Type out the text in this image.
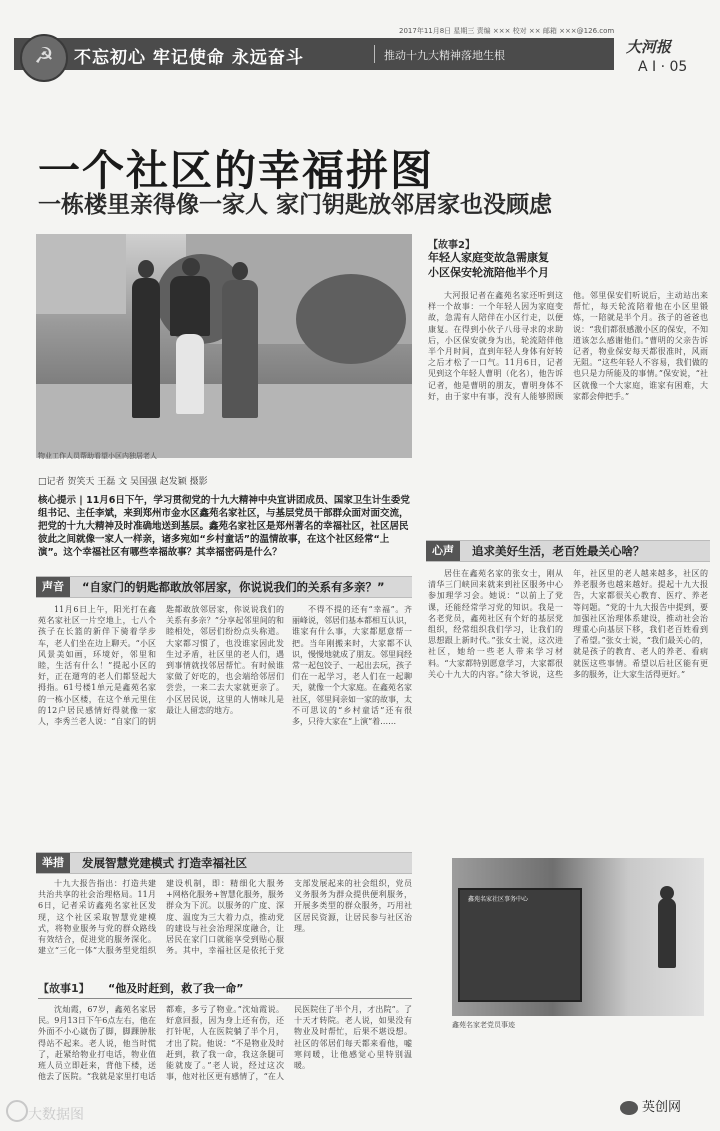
2017年11月8日 星期三 责编 ××× 校对 ×× 邮箱 ×××@126.com
☭	不忘初心 牢记使命 永远奋斗	推动十九大精神落地生根	大河报
A I · 05
一个社区的幸福拼图
一栋楼里亲得像一家人 家门钥匙放邻居家也没顾虑
物业工作人员帮助看望小区内独居老人
□记者 贺笑天 王磊 文 吴国强 赵发颖 摄影
核心提示 | 11月6日下午，学习贯彻党的十九大精神中央宣讲团成员、国家卫生计生委党组书记、主任李斌，来到郑州市金水区鑫苑名家社区，与基层党员干部群众面对面交流，把党的十九大精神及时准确地送到基层。鑫苑名家社区是郑州著名的幸福社区，社区居民彼此之间就像一家人一样亲，诸多宛如“乡村童话”的温情故事，在这个社区经常“上演”。这个幸福社区有哪些幸福故事？其幸福密码是什么？
声音	“自家门的钥匙都敢放邻居家，你说说我们的关系有多亲？”

11月6日上午，阳光打在鑫苑名家社区一片空地上，七八个孩子在长篮的新伴下骑着学步车，老人们坐在边上聊天。“小区风景美如画，环境好，邻里和睦，生活有什么！”提起小区的好，正在遛弯的老人们都竖起大拇指。61号楼1单元是鑫苑名家的一栋小区楼，在这个单元里住的12户居民感情好得就像一家人，李秀兰老人说：“自家门的钥匙都敢放邻居家，你说说我们的关系有多亲？”分享起邻里间的和睦相处，邻居们纷纷点头称道。大家都习惯了，也没谁家因此发生过矛盾，社区里的老人们，遇到事情就找邻居帮忙。有时候谁家做了好吃的，也会端给邻居们尝尝，一来二去大家就更亲了。小区居民说，这里的人情味儿是最让人留恋的地方。

不得不提的还有“幸福”。齐丽峰说，邻居们基本都相互认识，谁家有什么事，大家都愿意帮一把。当年刚搬来时，大家都不认识，慢慢地就成了朋友。邻里间经常一起包饺子、一起出去玩，孩子们在一起学习，老人们在一起聊天，就像一个大家庭。在鑫苑名家社区，邻里间亲如一家的故事，太不可思议的“乡村童话”还有很多，只待大家在“上演”着……

举措	发展智慧党建模式 打造幸福社区

十九大报告指出：打造共建共治共享的社会治理格局。11月6日，记者采访鑫苑名家社区发现，这个社区采取智慧党建模式，将物业服务与党的群众路线有效结合，促进党的服务深化。建立“三化一体”大服务型党组织建设机制，即：精细化大服务+网格化服务+智慧化服务，服务群众为下沉。以服务的广度、深度、温度为三大着力点，推动党的建设与社会治理深度融合，让居民在家门口就能享受到贴心服务。其中，幸福社区是依托于党支部发展起来的社会组织，党员义务服务为群众提供便利服务，开展多类型的群众服务，巧用社区居民资源，让居民参与社区治理。

【故事1】 “他及时赶到，救了我一命”

沈灿霞，67岁，鑫苑名家居民。9月13日下午6点左右，他在外面不小心崴伤了脚，脚踝肿胀得站不起来。老人说，他当时慌了，赶紧给物业打电话，物业值班人员立即赶来，背他下楼，送他去了医院。“我就是家里打电话都难，多亏了物业。”沈灿霞说。好意回报，因为身上还有伤，还打针呢，人在医院躺了半个月，才出了院。他说：“不是物业及时赶到，救了我一命，我这条腿可能就废了。”老人说，经过这次事，他对社区更有感情了，“在人民医院住了半个月，才出院”。了十天才转院。老人说，如果没有物业及时帮忙，后果不堪设想。社区的邻居们每天都来看他，嘘寒问暖，让他感觉心里特别温暖。

【故事2】
年轻人家庭变故急需康复
小区保安轮流陪他半个月

大河报记者在鑫苑名家还听到这样一个故事：一个年轻人因为家庭变故，急需有人陪伴在小区行走，以便康复。在得到小伙子八母寻求的求助后，小区保安就身为出，轮流陪伴他半个月时间，直到年轻人身体有好转之后才松了一口气。11月6日，记者见到这个年轻人曹明（化名），他告诉记者，他是曹明的朋友，曹明身体不好，由于家中有事，没有人能够照顾他。邻里保安们听说后，主动站出来帮忙，每天轮流陪着他在小区里锻炼，一陪就是半个月。孩子的爸爸也说：“我们都很感激小区的保安，不知道该怎么感谢他们。”曹明的父亲告诉记者，物业保安每天都很准时，风雨无阻。“这些年轻人不容易，我们做的也只是力所能及的事情。”保安说，“社区就像一个大家庭，谁家有困难，大家都会伸把手。”

心声	追求美好生活，老百姓最关心啥？

居住在鑫苑名家的张女士，刚从清华三门峡回来就来到社区服务中心参加理学习会。她说：“以前上了党课，还能经常学习党的知识。我是一名老党员，鑫苑社区有个好的基层党组织，经常组织我们学习，让我们的思想跟上新时代。”张女士说，这次进社区，她给一些老人带来学习材料。“大家都特别愿意学习，大家都很关心十九大的内容。”徐大爷说，这些年，社区里的老人越来越多，社区的养老服务也越来越好。提起十九大报告，大家都很关心教育、医疗、养老等问题。“党的十九大报告中提到，要加强社区治理体系建设，推动社会治理重心向基层下移，我们老百姓看到了希望。”张女士说，“我们最关心的，就是孩子的教育、老人的养老、看病就医这些事情。希望以后社区能有更多的服务，让大家生活得更好。”

鑫苑名家社区事务中心
鑫苑名家老党员事迹
大数据图	英创网
